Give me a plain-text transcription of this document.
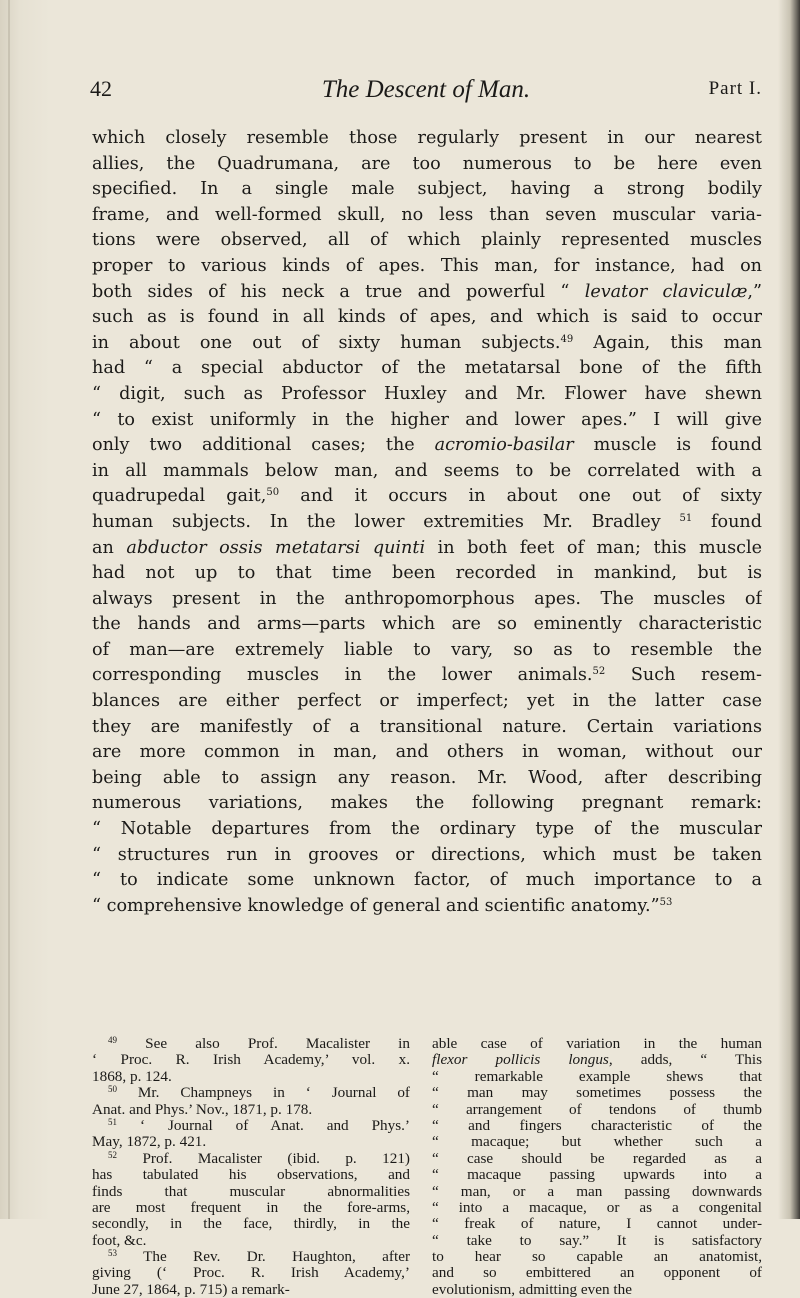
42	The Descent of Man.	Part I.
which closely resemble those regularly present in our nearest
allies, the Quadrumana, are too numerous to be here even
specified. In a single male subject, having a strong bodily
frame, and well-formed skull, no less than seven muscular varia-
tions were observed, all of which plainly represented muscles
proper to various kinds of apes. This man, for instance, had on
both sides of his neck a true and powerful “ levator claviculæ,”
such as is found in all kinds of apes, and which is said to occur
in about one out of sixty human subjects.$^{49}$ Again, this man
had “ a special abductor of the metatarsal bone of the fifth
“ digit, such as Professor Huxley and Mr. Flower have shewn
“ to exist uniformly in the higher and lower apes.” I will give
only two additional cases; the acromio-basilar muscle is found
in all mammals below man, and seems to be correlated with a
quadrupedal gait,$^{50}$ and it occurs in about one out of sixty
human subjects. In the lower extremities Mr. Bradley $^{51}$ found
an abductor ossis metatarsi quinti in both feet of man; this muscle
had not up to that time been recorded in mankind, but is
always present in the anthropomorphous apes. The muscles of
the hands and arms—parts which are so eminently characteristic
of man—are extremely liable to vary, so as to resemble the
corresponding muscles in the lower animals.$^{52}$ Such resem-
blances are either perfect or imperfect; yet in the latter case
they are manifestly of a transitional nature. Certain variations
are more common in man, and others in woman, without our
being able to assign any reason. Mr. Wood, after describing
numerous variations, makes the following pregnant remark:
“ Notable departures from the ordinary type of the muscular
“ structures run in grooves or directions, which must be taken
“ to indicate some unknown factor, of much importance to a
“ comprehensive knowledge of general and scientific anatomy.”$^{53}$
$^{49}$ See also Prof. Macalister in
‘ Proc. R. Irish Academy,’ vol. x.
1868, p. 124.
$^{50}$ Mr. Champneys in ‘ Journal of
Anat. and Phys.’ Nov., 1871, p. 178.
$^{51}$ ‘ Journal of Anat. and Phys.’
May, 1872, p. 421.
$^{52}$ Prof. Macalister (ibid. p. 121)
has tabulated his observations, and
finds that muscular abnormalities
are most frequent in the fore-arms,
secondly, in the face, thirdly, in the
foot, &c.
$^{53}$ The Rev. Dr. Haughton, after
giving (‘ Proc. R. Irish Academy,’
June 27, 1864, p. 715) a remark-
able case of variation in the human
flexor pollicis longus, adds, “ This
“ remarkable example shews that
“ man may sometimes possess the
“ arrangement of tendons of thumb
“ and fingers characteristic of the
“ macaque; but whether such a
“ case should be regarded as a
“ macaque passing upwards into a
“ man, or a man passing downwards
“ into a macaque, or as a congenital
“ freak of nature, I cannot under-
“ take to say.” It is satisfactory
to hear so capable an anatomist,
and so embittered an opponent of
evolutionism, admitting even the
